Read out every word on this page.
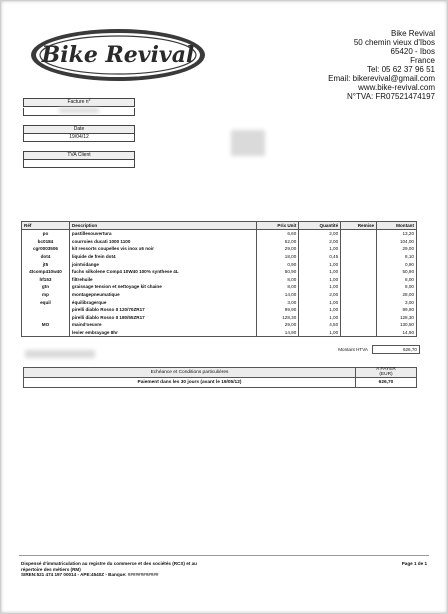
Bike Revival
Bike Revival
50 chemin vieux d'Ibos
65420 - Ibos
France
Tel: 05 62 37 96 51
Email: bikerevival@gmail.com
www.bike-revival.com
N°TVA: FR07521474197
Facture n°
Date
19/04/12
TVA Client
Réf	Description	Prix Unit	Quantité	Remise	Montant
po	pastillesouvertura	6,60	2,00		13,20
bc0184	courroies ducati 1000 1100	52,00	2,00		104,00
cgr0003506	kit ressorts coupelles vis inox x6 noir	29,00	1,00		29,00
dot4	liquide de frein dot4	18,00	0,45		8,10
jt5	jointvidange	0,90	1,00		0,90
4tcomp410w40	fuchs silkolene Comp4 10W40 100% synthese 4L	50,90	1,00		50,90
hf153	filtrehuile	8,00	1,00		8,00
gtn	graissage tension et nettoyage kit chaine	8,00	1,00		8,00
mp	montagepneumatique	14,00	2,00		28,00
equil	équilibragerque	3,00	1,00		3,00
	pirelli diablo Rosso II 120/70ZR17	99,90	1,00		99,90
	pirelli diablo Rosso II 180/55ZR17	128,30	1,00		128,30
MO	maind'oeuvre	29,00	4,50		130,50
	levier embrayage 8hr	14,90	1,00		14,90
Montant HTVA	626,70
Echéance et Conditions particulières
A PAYER
(EUR)
Paiement dans les 30 jours (avant le 19/05/12)	626,70
Dispensé d'immatriculation au registre du commerce et des sociétés (RCS) et au
répertoire des métiers (RM)
SIREN:521 474 197 00014 - APE:4540Z - Banque: ############
Page 1 de 1
